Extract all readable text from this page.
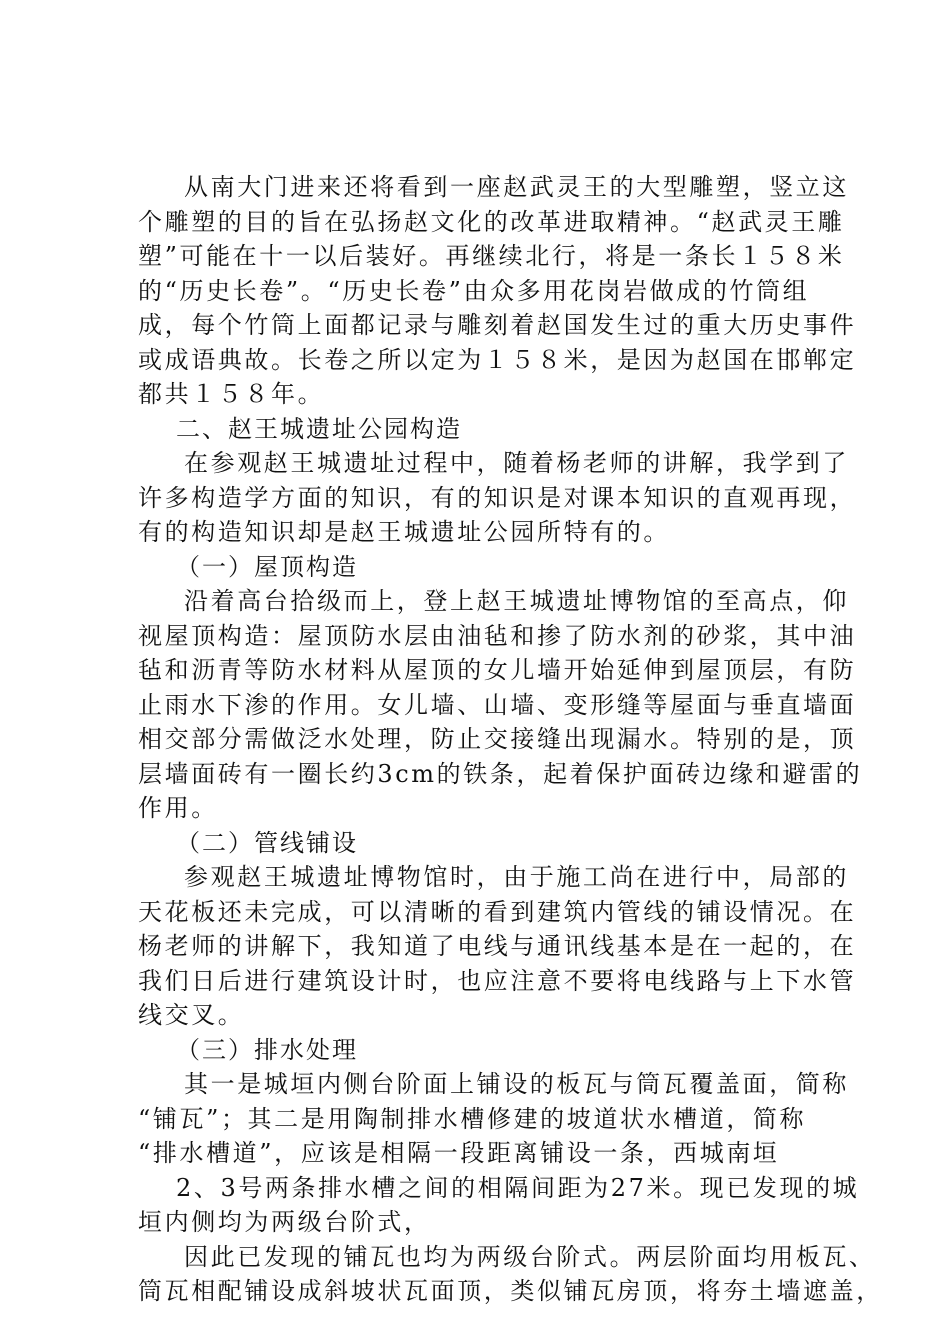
从南大门进来还将看到一座赵武灵王的大型雕塑，竖立这
个雕塑的目的旨在弘扬赵文化的改革进取精神。“赵武灵王雕
塑”可能在十一以后装好。再继续北行，将是一条长１５８米
的“历史长卷”。“历史长卷”由众多用花岗岩做成的竹筒组
成，每个竹筒上面都记录与雕刻着赵国发生过的重大历史事件
或成语典故。长卷之所以定为１５８米，是因为赵国在邯郸定
都共１５８年。
二、赵王城遗址公园构造
在参观赵王城遗址过程中，随着杨老师的讲解，我学到了
许多构造学方面的知识，有的知识是对课本知识的直观再现，
有的构造知识却是赵王城遗址公园所特有的。
（一）屋顶构造
沿着高台拾级而上，登上赵王城遗址博物馆的至高点，仰
视屋顶构造：屋顶防水层由油毡和掺了防水剂的砂浆，其中油
毡和沥青等防水材料从屋顶的女儿墙开始延伸到屋顶层，有防
止雨水下渗的作用。女儿墙、山墙、变形缝等屋面与垂直墙面
相交部分需做泛水处理，防止交接缝出现漏水。特别的是，顶
层墙面砖有一圈长约3cm的铁条，起着保护面砖边缘和避雷的
作用。
（二）管线铺设
参观赵王城遗址博物馆时，由于施工尚在进行中，局部的
天花板还未完成，可以清晰的看到建筑内管线的铺设情况。在
杨老师的讲解下，我知道了电线与通讯线基本是在一起的，在
我们日后进行建筑设计时，也应注意不要将电线路与上下水管
线交叉。
（三）排水处理
其一是城垣内侧台阶面上铺设的板瓦与筒瓦覆盖面，简称
“铺瓦”；其二是用陶制排水槽修建的坡道状水槽道，简称
“排水槽道”，应该是相隔一段距离铺设一条，西城南垣
2、3号两条排水槽之间的相隔间距为27米。现已发现的城
垣内侧均为两级台阶式，
因此已发现的铺瓦也均为两级台阶式。两层阶面均用板瓦、
筒瓦相配铺设成斜坡状瓦面顶，类似铺瓦房顶，将夯土墙遮盖，
